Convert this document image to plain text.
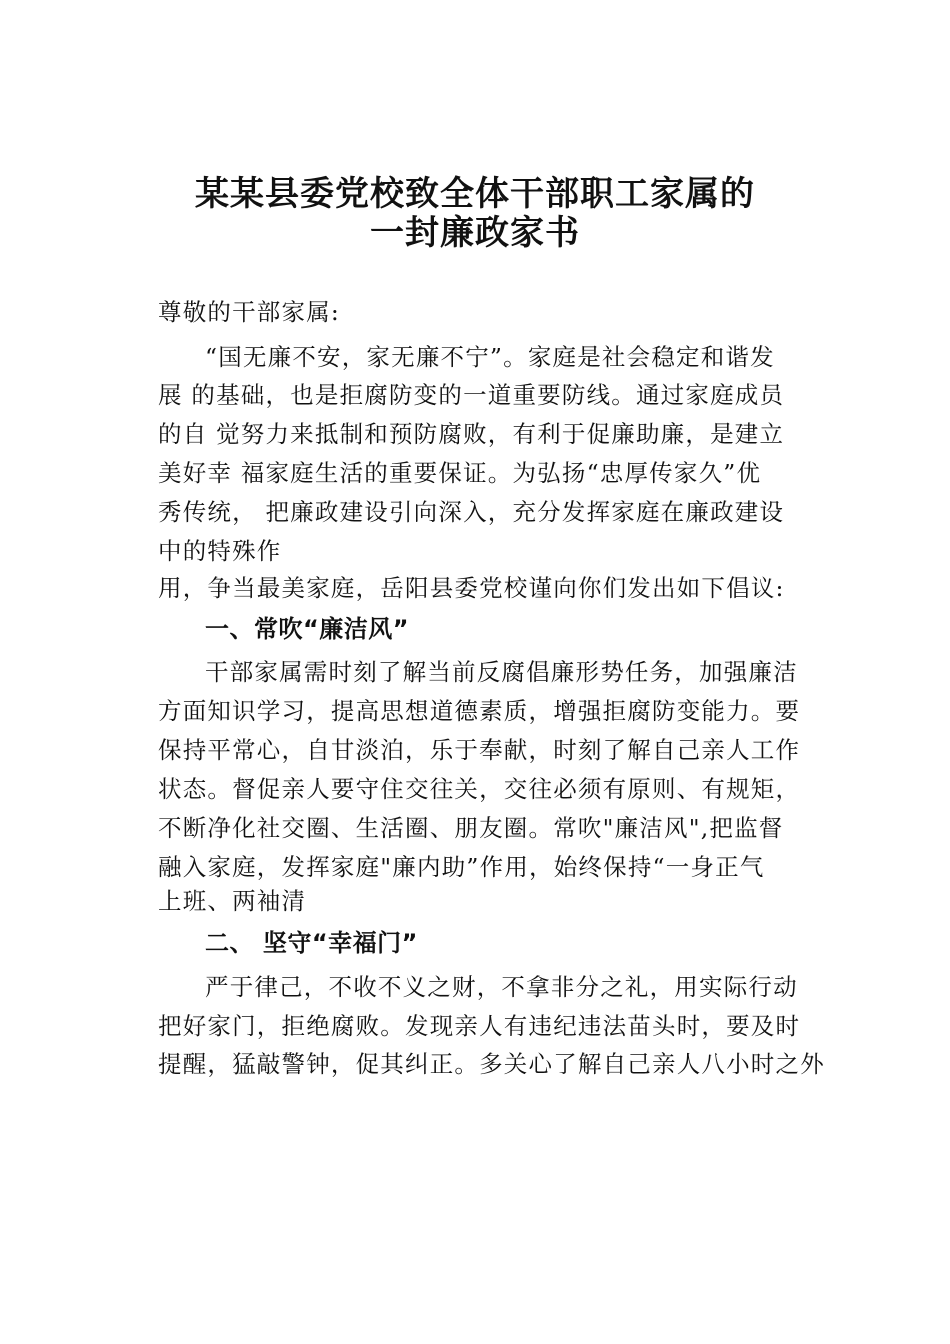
某某县委党校致全体干部职工家属的
一封廉政家书
尊敬的干部家属:
“国无廉不安，家无廉不宁”。家庭是社会稳定和谐发
展 的基础，也是拒腐防变的一道重要防线。通过家庭成员
的自 觉努力来抵制和预防腐败，有利于促廉助廉，是建立
美好幸 福家庭生活的重要保证。为弘扬“忠厚传家久”优
秀传统， 把廉政建设引向深入，充分发挥家庭在廉政建设
中的特殊作
用，争当最美家庭，岳阳县委党校谨向你们发出如下倡议:
一、常吹“廉洁风”
干部家属需时刻了解当前反腐倡廉形势任务，加强廉洁
方面知识学习，提高思想道德素质，增强拒腐防变能力。要
保持平常心，自甘淡泊，乐于奉献，时刻了解自己亲人工作
状态。督促亲人要守住交往关，交往必须有原则、有规矩，
不断净化社交圈、生活圈、朋友圈。常吹"廉洁风",把监督
融入家庭，发挥家庭"廉内助”作用，始终保持“一身正气
上班、两袖清
二、 坚守“幸福门”
严于律己，不收不义之财，不拿非分之礼，用实际行动
把好家门，拒绝腐败。发现亲人有违纪违法苗头时，要及时
提醒，猛敲警钟，促其纠正。多关心了解自己亲人八小时之外
